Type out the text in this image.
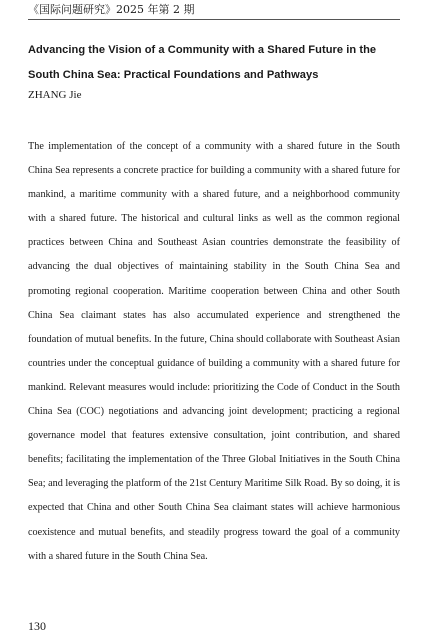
《国际问题研究》2025 年第 2 期
Advancing the Vision of a Community with a Shared Future in the South China Sea: Practical Foundations and Pathways
ZHANG Jie

The implementation of the concept of a community with a shared future in the South China Sea represents a concrete practice for building a community with a shared future for mankind, a maritime community with a shared future, and a neighborhood community with a shared future. The historical and cultural links as well as the common regional practices between China and Southeast Asian countries demonstrate the feasibility of advancing the dual objectives of maintaining stability in the South China Sea and promoting regional cooperation. Maritime cooperation between China and other South China Sea claimant states has also accumulated experience and strengthened the foundation of mutual benefits. In the future, China should collaborate with Southeast Asian countries under the conceptual guidance of building a community with a shared future for mankind. Relevant measures would include: prioritizing the Code of Conduct in the South China Sea (COC) negotiations and advancing joint development; practicing a regional governance model that features extensive consultation, joint contribution, and shared benefits; facilitating the implementation of the Three Global Initiatives in the South China Sea; and leveraging the platform of the 21st Century Maritime Silk Road. By so doing, it is expected that China and other South China Sea claimant states will achieve harmonious coexistence and mutual benefits, and steadily progress toward the goal of a community with a shared future in the South China Sea.

130
